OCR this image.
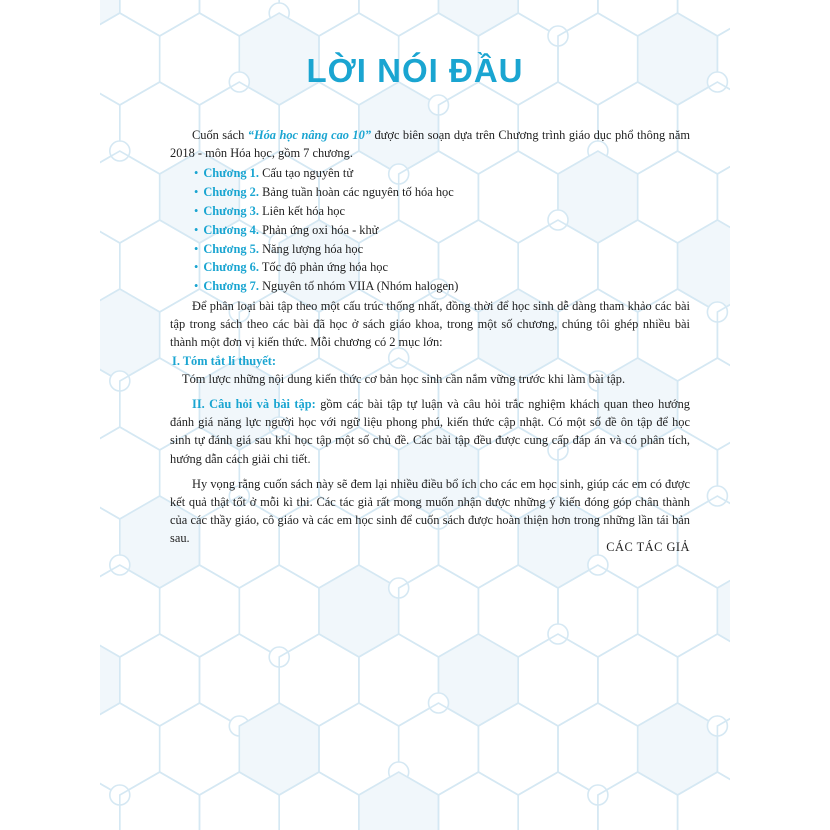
LỜI NÓI ĐẦU

Cuốn sách “Hóa học nâng cao 10” được biên soạn dựa trên Chương trình giáo dục phổ thông năm 2018 - môn Hóa học, gồm 7 chương.

• Chương 1. Cấu tạo nguyên tử
• Chương 2. Bảng tuần hoàn các nguyên tố hóa học
• Chương 3. Liên kết hóa học
• Chương 4. Phản ứng oxi hóa - khử
• Chương 5. Năng lượng hóa học
• Chương 6. Tốc độ phản ứng hóa học
• Chương 7. Nguyên tố nhóm VIIA (Nhóm halogen)

Để phân loại bài tập theo một cấu trúc thống nhất, đồng thời để học sinh dễ dàng tham khảo các bài tập trong sách theo các bài đã học ở sách giáo khoa, trong một số chương, chúng tôi ghép nhiều bài thành một đơn vị kiến thức. Mỗi chương có 2 mục lớn:

I. Tóm tắt lí thuyết:

Tóm lược những nội dung kiến thức cơ bản học sinh cần nắm vững trước khi làm bài tập.

II. Câu hỏi và bài tập: gồm các bài tập tự luận và câu hỏi trắc nghiệm khách quan theo hướng đánh giá năng lực người học với ngữ liệu phong phú, kiến thức cập nhật. Có một số đề ôn tập để học sinh tự đánh giá sau khi học tập một số chủ đề. Các bài tập đều được cung cấp đáp án và có phân tích, hướng dẫn cách giải chi tiết.

Hy vọng rằng cuốn sách này sẽ đem lại nhiều điều bổ ích cho các em học sinh, giúp các em có được kết quả thật tốt ở mỗi kì thi. Các tác giả rất mong muốn nhận được những ý kiến đóng góp chân thành của các thầy giáo, cô giáo và các em học sinh để cuốn sách được hoàn thiện hơn trong những lần tái bản sau.

CÁC TÁC GIẢ
